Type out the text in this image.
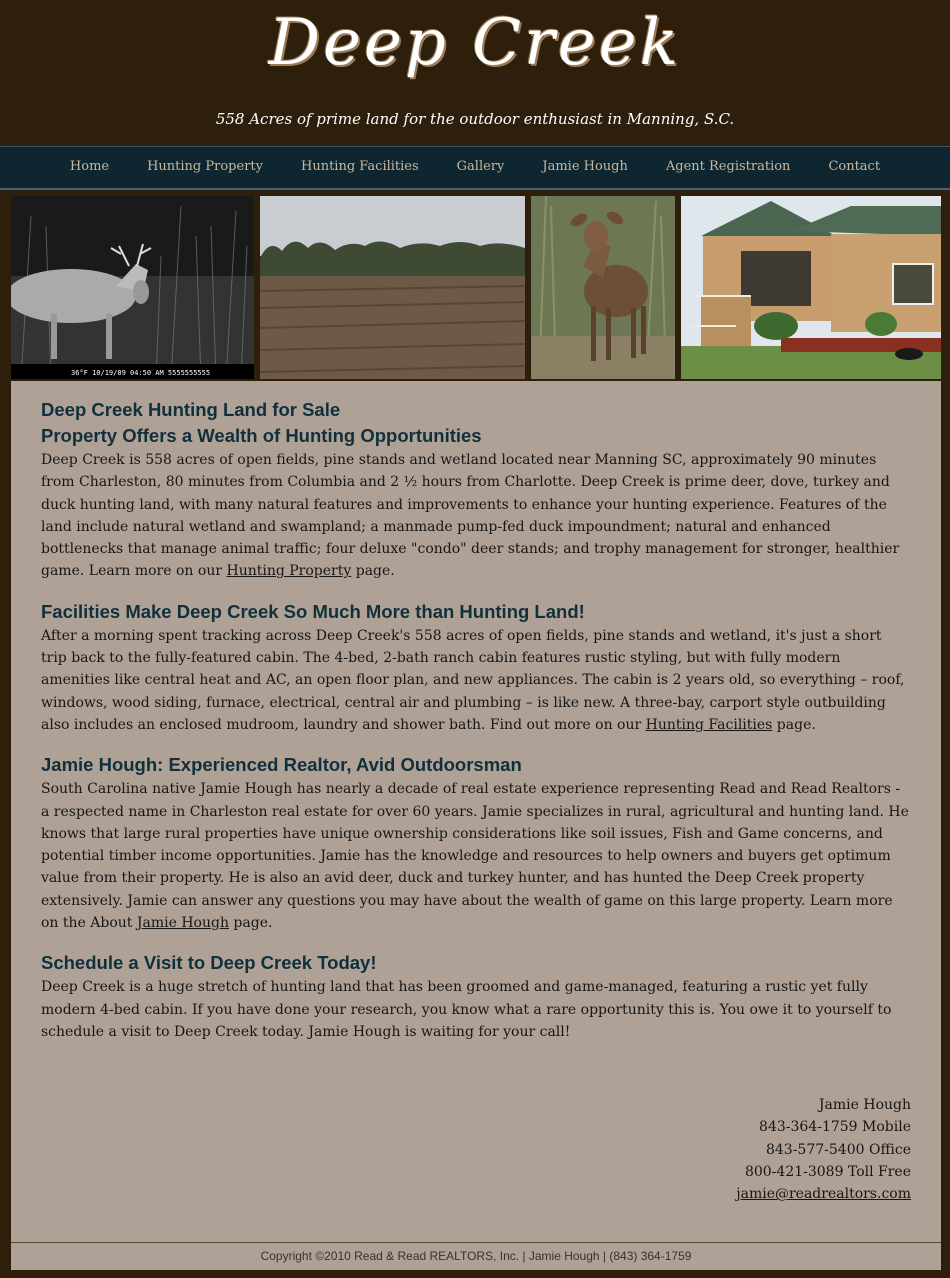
Deep Creek
558 Acres of prime land for the outdoor enthusiast in Manning, S.C.
Home	Hunting Property	Hunting Facilities	Gallery	Jamie Hough	Agent Registration	Contact
36°F 10/19/09 04:50 AM 5555555555
Deep Creek Hunting Land for Sale
Property Offers a Wealth of Hunting Opportunities

Deep Creek is 558 acres of open fields, pine stands and wetland located near Manning SC, approximately 90 minutes from Charleston, 80 minutes from Columbia and 2 ½ hours from Charlotte. Deep Creek is prime deer, dove, turkey and duck hunting land, with many natural features and improvements to enhance your hunting experience. Features of the land include natural wetland and swampland; a manmade pump-fed duck impoundment; natural and enhanced bottlenecks that manage animal traffic; four deluxe "condo" deer stands; and trophy management for stronger, healthier game. Learn more on our Hunting Property page.

Facilities Make Deep Creek So Much More than Hunting Land!

After a morning spent tracking across Deep Creek's 558 acres of open fields, pine stands and wetland, it's just a short trip back to the fully-featured cabin. The 4-bed, 2-bath ranch cabin features rustic styling, but with fully modern amenities like central heat and AC, an open floor plan, and new appliances. The cabin is 2 years old, so everything – roof, windows, wood siding, furnace, electrical, central air and plumbing – is like new. A three-bay, carport style outbuilding also includes an enclosed mudroom, laundry and shower bath. Find out more on our Hunting Facilities page.

Jamie Hough: Experienced Realtor, Avid Outdoorsman

South Carolina native Jamie Hough has nearly a decade of real estate experience representing Read and Read Realtors - a respected name in Charleston real estate for over 60 years. Jamie specializes in rural, agricultural and hunting land. He knows that large rural properties have unique ownership considerations like soil issues, Fish and Game concerns, and potential timber income opportunities. Jamie has the knowledge and resources to help owners and buyers get optimum value from their property. He is also an avid deer, duck and turkey hunter, and has hunted the Deep Creek property extensively. Jamie can answer any questions you may have about the wealth of game on this large property. Learn more on the About Jamie Hough page.

Schedule a Visit to Deep Creek Today!

Deep Creek is a huge stretch of hunting land that has been groomed and game-managed, featuring a rustic yet fully modern 4-bed cabin. If you have done your research, you know what a rare opportunity this is. You owe it to yourself to schedule a visit to Deep Creek today. Jamie Hough is waiting for your call!

Jamie Hough
843-364-1759 Mobile
843-577-5400 Office
800-421-3089 Toll Free
jamie@readrealtors.com
Copyright ©2010 Read & Read REALTORS, Inc. | Jamie Hough | (843) 364-1759
